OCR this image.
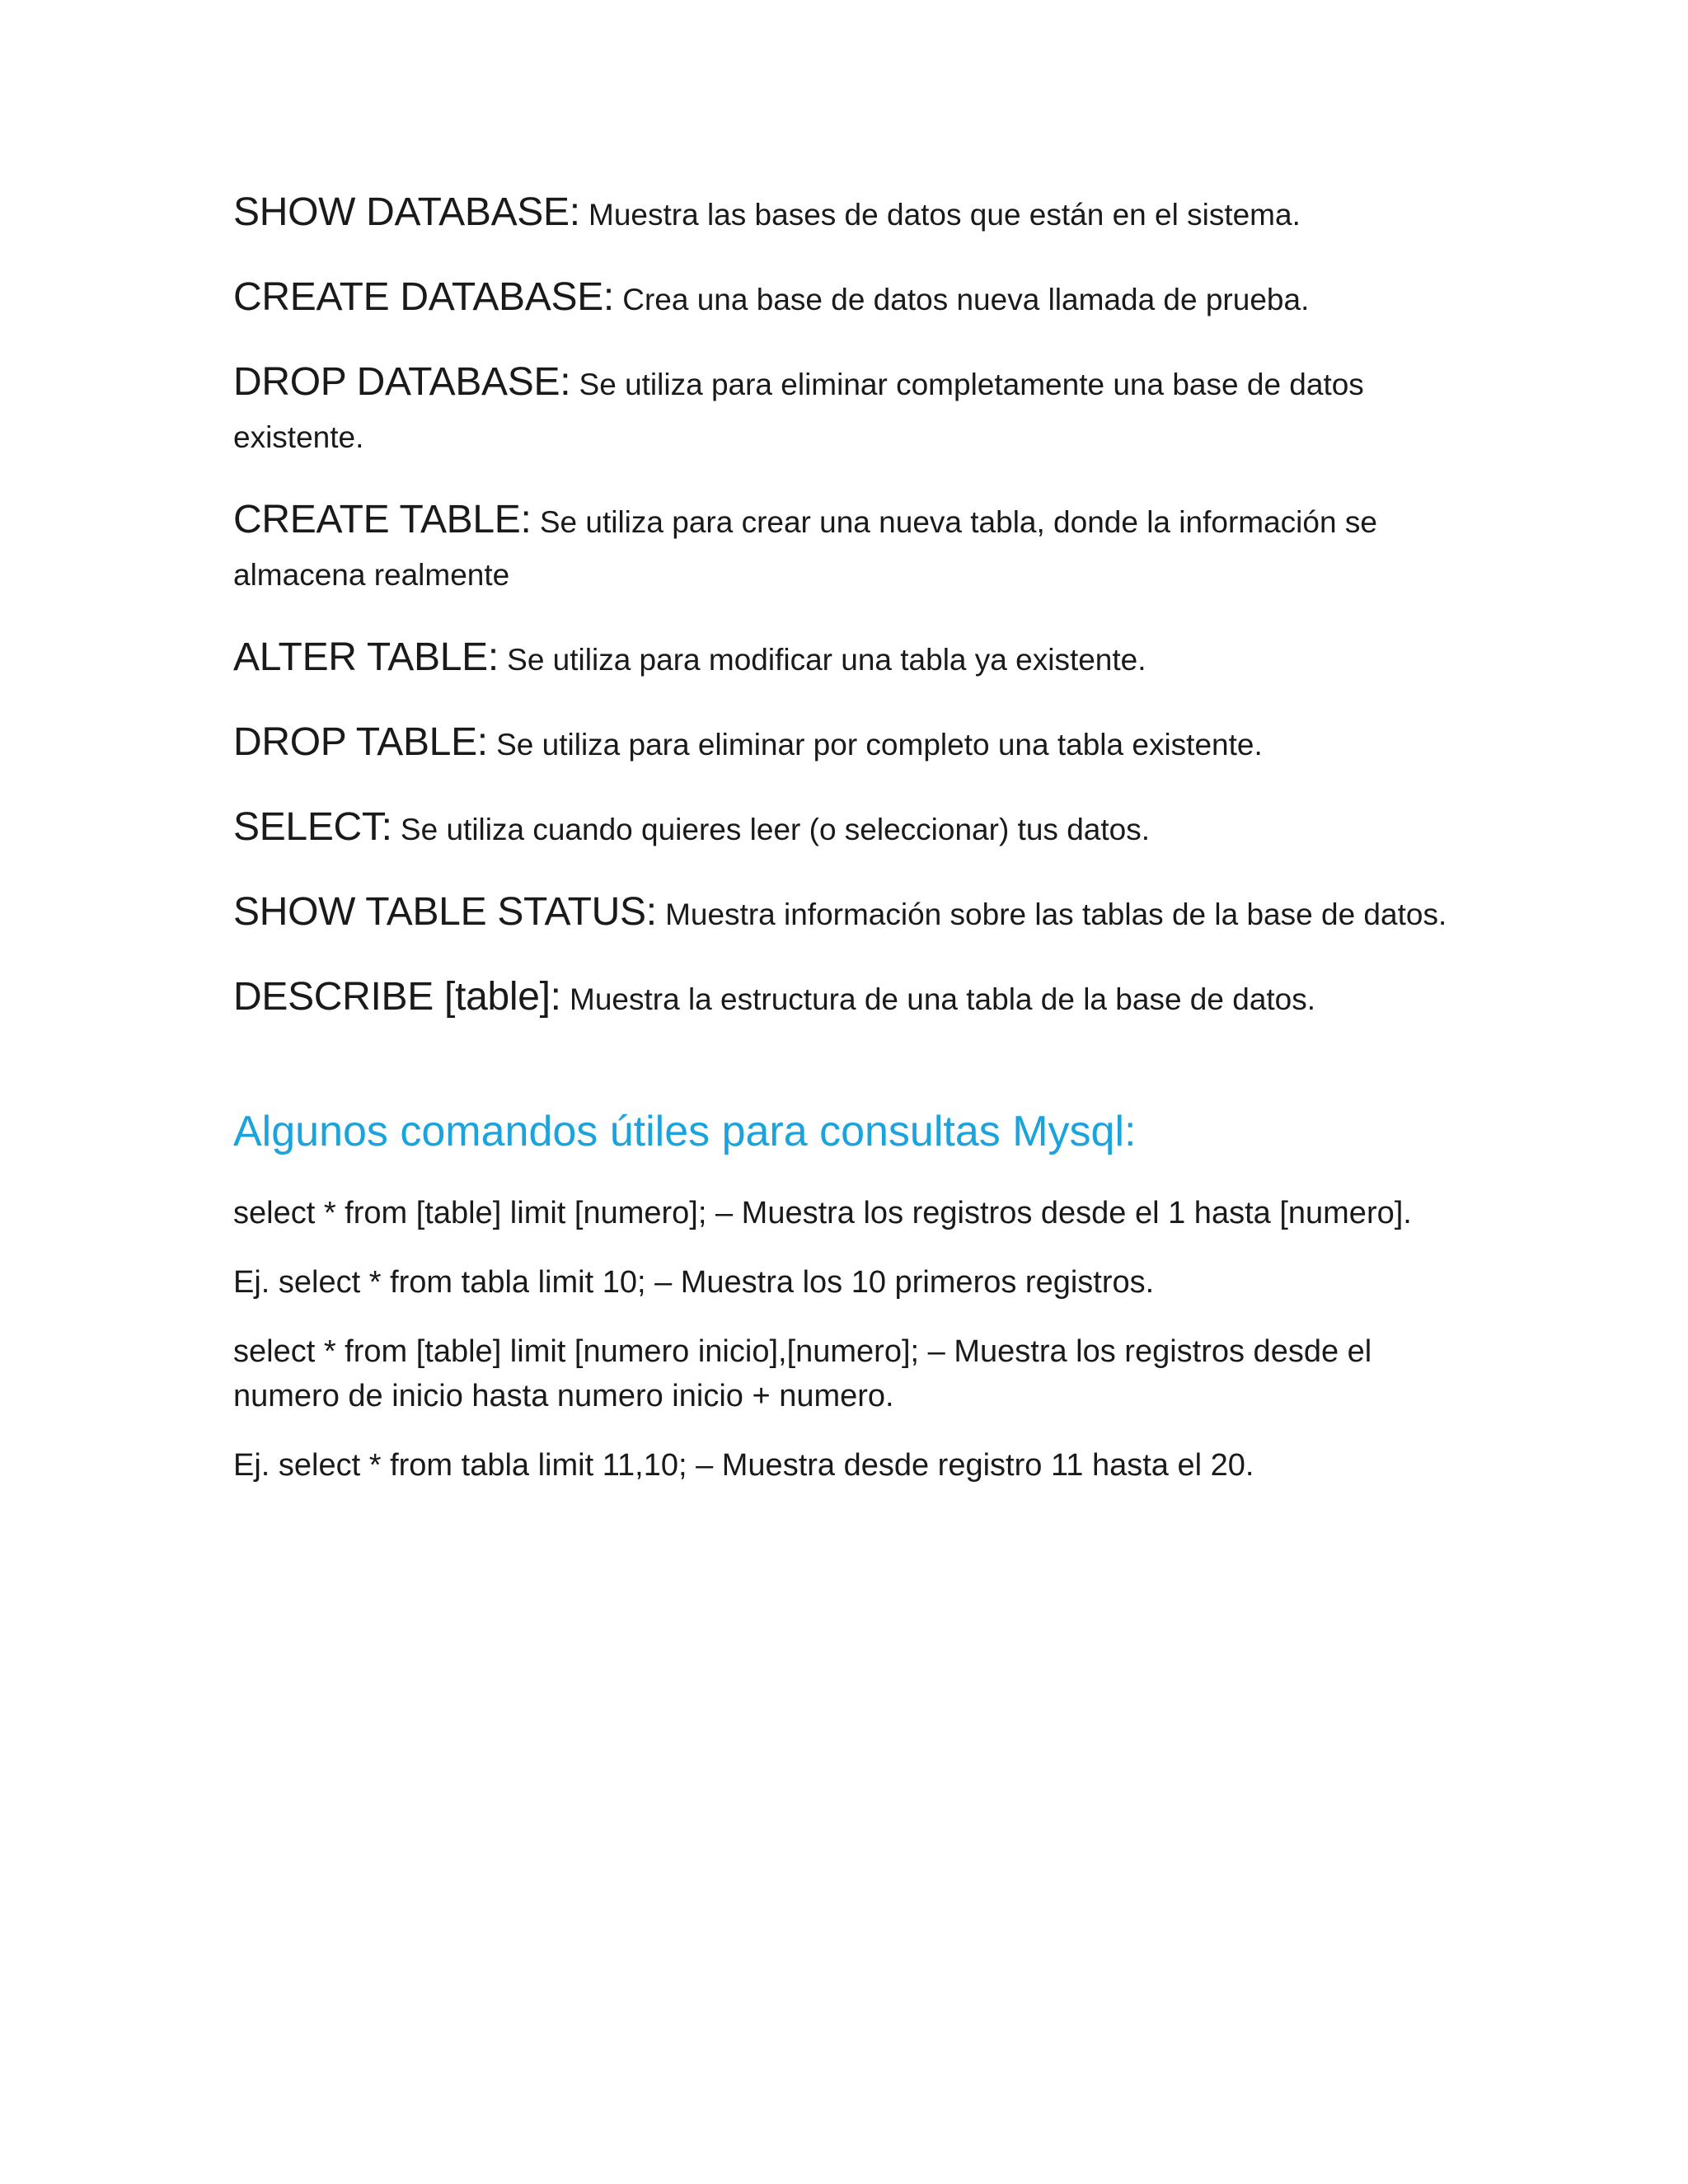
SHOW DATABASE: Muestra las bases de datos que están en el sistema.
CREATE DATABASE: Crea una base de datos nueva llamada de prueba.
DROP DATABASE: Se utiliza para eliminar completamente una base de datos existente.
CREATE TABLE: Se utiliza para crear una nueva tabla, donde la información se almacena realmente
ALTER TABLE: Se utiliza para modificar una tabla ya existente.
DROP TABLE: Se utiliza para eliminar por completo una tabla existente.
SELECT: Se utiliza cuando quieres leer (o seleccionar) tus datos.
SHOW TABLE STATUS: Muestra información sobre las tablas de la base de datos.
DESCRIBE [table]: Muestra la estructura de una tabla de la base de datos.
Algunos comandos útiles para consultas Mysql:

select * from [table] limit [numero]; – Muestra los registros desde el 1 hasta [numero].

Ej. select * from tabla limit 10; – Muestra los 10 primeros registros.

select * from [table] limit [numero inicio],[numero]; – Muestra los registros desde el numero de inicio hasta numero inicio + numero.

Ej. select * from tabla limit 11,10; – Muestra desde registro 11 hasta el 20.
